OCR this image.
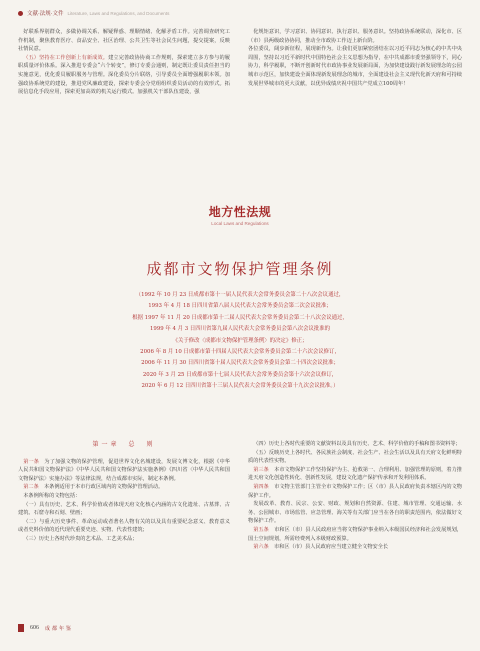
文献·法规·文件 Literature, Laws and Regulations, and Documents

好联系界别群众，多做协调关系、解疑释惑、理顺情绪、化解矛盾工作。完善调查研究工作机制，聚焦教育医疗、食品安全、社区治理、公共卫生等社会民生问题，提交提案，反映社情民意。

（五）坚持在工作创新上有新成效。建立完善政协协商工作规则，探索建立多方参与的履职质量评价体系。深入推进专委会“六个转变”，修订专委会通则，制定既让委员责任担当的实施意见，优化委员履职服务与管理。深化委员分片联络，引导委员全面增强履职本领。加强政协系统党的建设，推进党风廉政建设，探索专委会分党组组织委员活动的有效形式。拓展信息化手段应用，探索更加高效的机关运行模式。加强机关干部队伍建设，强

化规矩意识，学习意识、协同意识、执行意识、服务意识。坚持政协系统联动，深化市、区（市）县两级政协协同，推动全市政协工作迈上新台阶。
各位委员，阔步新征程，展现新作为。让我们更加紧密团结在以习近平同志为核心的中共中央周围，坚持以习近平新时代中国特色社会主义思想为指导，在中共成都市委坚强领导下，同心协力，科学履职，不断开创新时代市政协事业发展新局面，为加快建设践行新发展理念的公园城市示范区，加快建设全面体现新发展理念的城市，全面建设社会主义现代化新天府和可持续发展世界城市的更大贡献，以优异成绩庆祝中国共产党成立100周年！

地方性法规
Local Laws and Regulations
成都市文物保护管理条例
（1992 年 10 月 23 日成都市第十一届人民代表大会常务委员会第二十八次会议通过，
1993 年 4 月 18 日四川省第八届人民代表大会常务委员会第二次会议批准；
根据 1997 年 11 月 20 日成都市第十二届人民代表大会常务委员会第二十八次会议通过，
1999 年 4 月 3 日四川省第九届人民代表大会常务委员会第八次会议批准的
《关于修改〈成都市文物保护管理条例〉的决定》修正；
2006 年 8 月 10 日成都市第十四届人民代表大会常务委员会第二十六次会议修订，
2006 年 11 月 30 日四川省第十届人民代表大会常务委员会第二十四次会议批准；
2020 年 3 月 25 日成都市第十七届人民代表大会常务委员会第十六次会议修订，
2020 年 6 月 12 日四川省第十三届人民代表大会常务委员会第十九次会议批准。）
第一章　总　则

第一条　 为了加强文物的保护管理，促进世界文化名城建设，发展文博文化，根据《中华人民共和国文物保护法》《中华人民共和国文物保护法实施条例》《四川省〈中华人民共和国文物保护法〉实施办法》等法律法规，结合成都市实际，制定本条例。

第二条　 本条例适用于本市行政区域内的文物保护管理活动。

本条例所称的文物包括：

（一）具有历史、艺术、科学价值或者体现天府文化核心内涵的古文化遗址、古墓葬、古建筑、石窟寺和石刻、壁画；

（二）与重大历史事件、革命运动或者著名人物有关的以及具有重要纪念意义、教育意义或者史料价值的近代现代重要史迹、实物、代表性建筑；

（三）历史上各时代珍贵的艺术品、工艺美术品；

（四）历史上各时代重要的文献资料以及具有历史、艺术、科学价值的手稿和图书资料等；

（五）反映历史上各时代、各民族社会制度、社会生产、社会生活以及具有天府文化鲜明特质的代表性实物。

第三条　 本市文物保护工作坚持保护为主、抢救第一、合理利用、加强管理的原则，着力推进天府文化创造性转化、创新性发展，建设文化遗产保护传承和开发利用体系。

第四条　 市文物主管部门主管全市文物保护工作；区（市）县人民政府负责本辖区内的文物保护工作。

发展改革、教育、民宗、公安、财政、规划和自然资源、住建、城市管理、交通运输、水务、公园城市、市场监管、应急管理、海关等有关部门应当在各自的职责范围内，依法做好文物保护工作。

第五条　 市和区（市）县人民政府应当将文物保护事业纳入本级国民经济和社会发展规划，国土空间规划，所需经费列入本级财政预算。

第六条　 市和区（市）县人民政府应当建立健全文物安全长

606 成都年鉴
